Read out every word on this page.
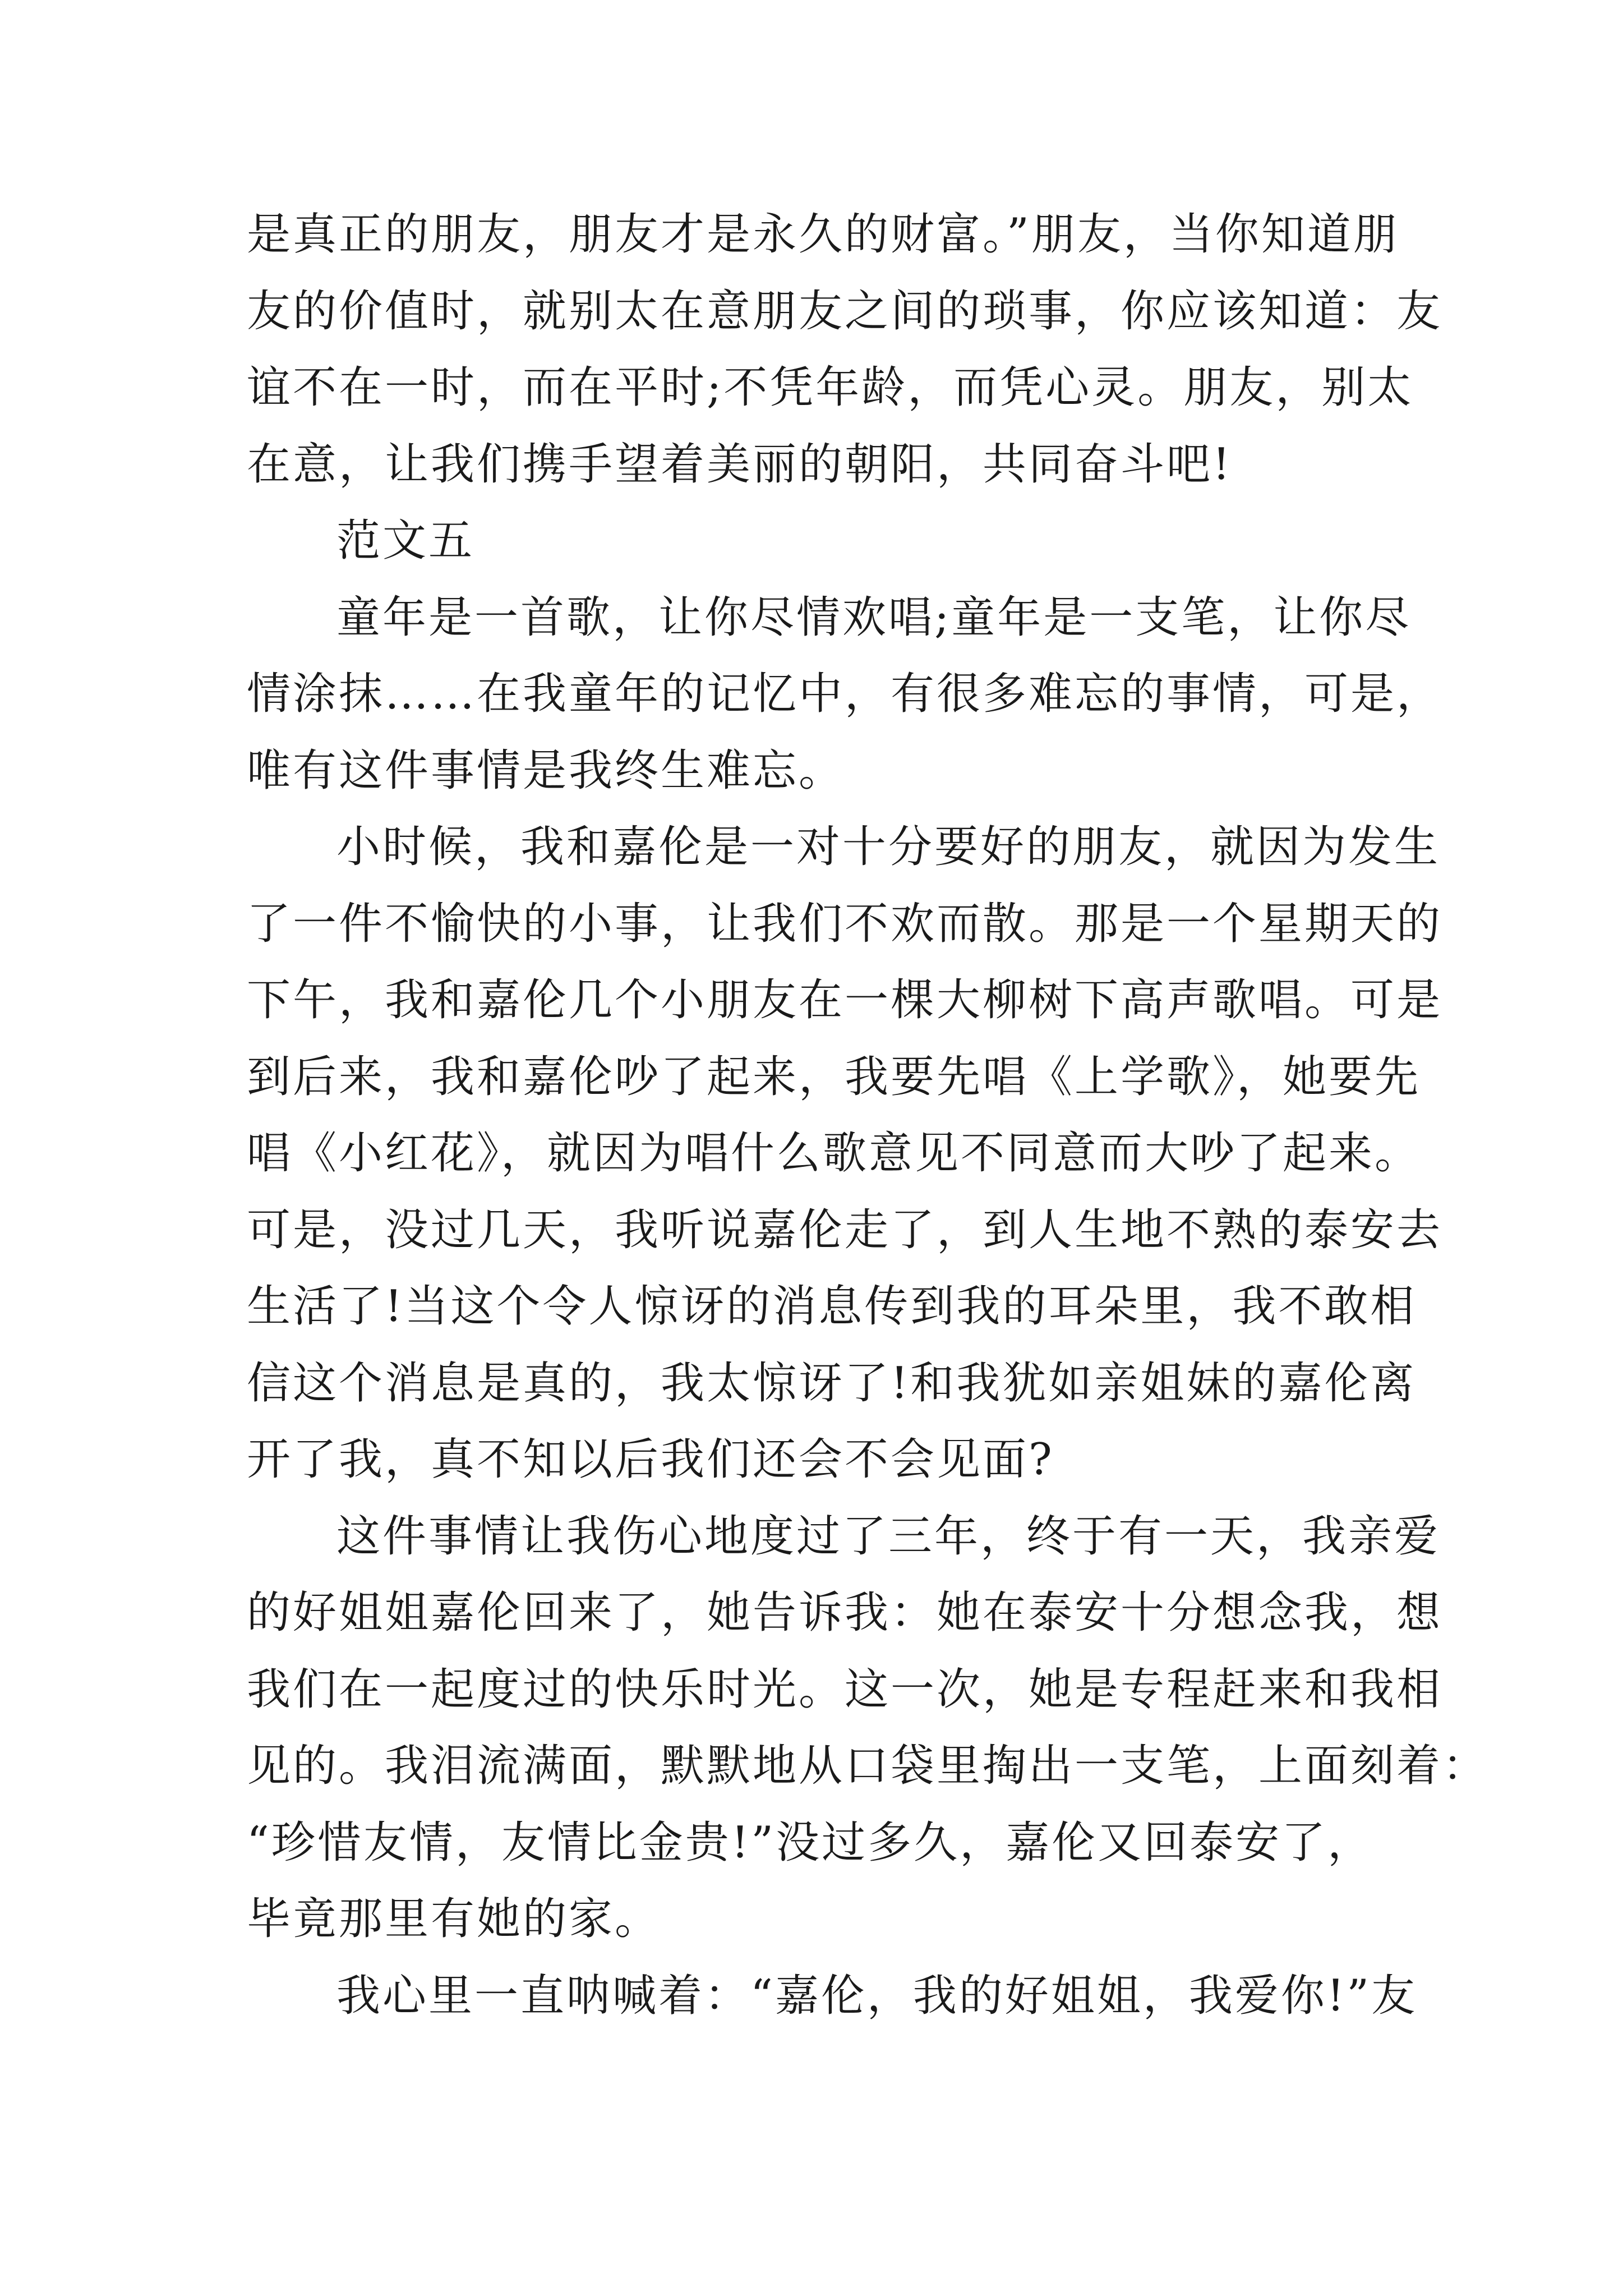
是真正的朋友，朋友才是永久的财富。”朋友，当你知道朋
友的价值时，就别太在意朋友之间的琐事，你应该知道：友
谊不在一时，而在平时;不凭年龄，而凭心灵。朋友，别太
在意，让我们携手望着美丽的朝阳，共同奋斗吧!
范文五
童年是一首歌，让你尽情欢唱;童年是一支笔，让你尽
情涂抹……在我童年的记忆中，有很多难忘的事情，可是，
唯有这件事情是我终生难忘。
小时候，我和嘉伦是一对十分要好的朋友，就因为发生
了一件不愉快的小事，让我们不欢而散。那是一个星期天的
下午，我和嘉伦几个小朋友在一棵大柳树下高声歌唱。可是
到后来，我和嘉伦吵了起来，我要先唱《上学歌》，她要先
唱《小红花》，就因为唱什么歌意见不同意而大吵了起来。
可是，没过几天，我听说嘉伦走了，到人生地不熟的泰安去
生活了!当这个令人惊讶的消息传到我的耳朵里，我不敢相
信这个消息是真的，我太惊讶了!和我犹如亲姐妹的嘉伦离
开了我，真不知以后我们还会不会见面?
这件事情让我伤心地度过了三年，终于有一天，我亲爱
的好姐姐嘉伦回来了，她告诉我：她在泰安十分想念我，想
我们在一起度过的快乐时光。这一次，她是专程赶来和我相
见的。我泪流满面，默默地从口袋里掏出一支笔，上面刻着：
“珍惜友情，友情比金贵!”没过多久，嘉伦又回泰安了，
毕竟那里有她的家。
我心里一直呐喊着：“嘉伦，我的好姐姐，我爱你!”友
